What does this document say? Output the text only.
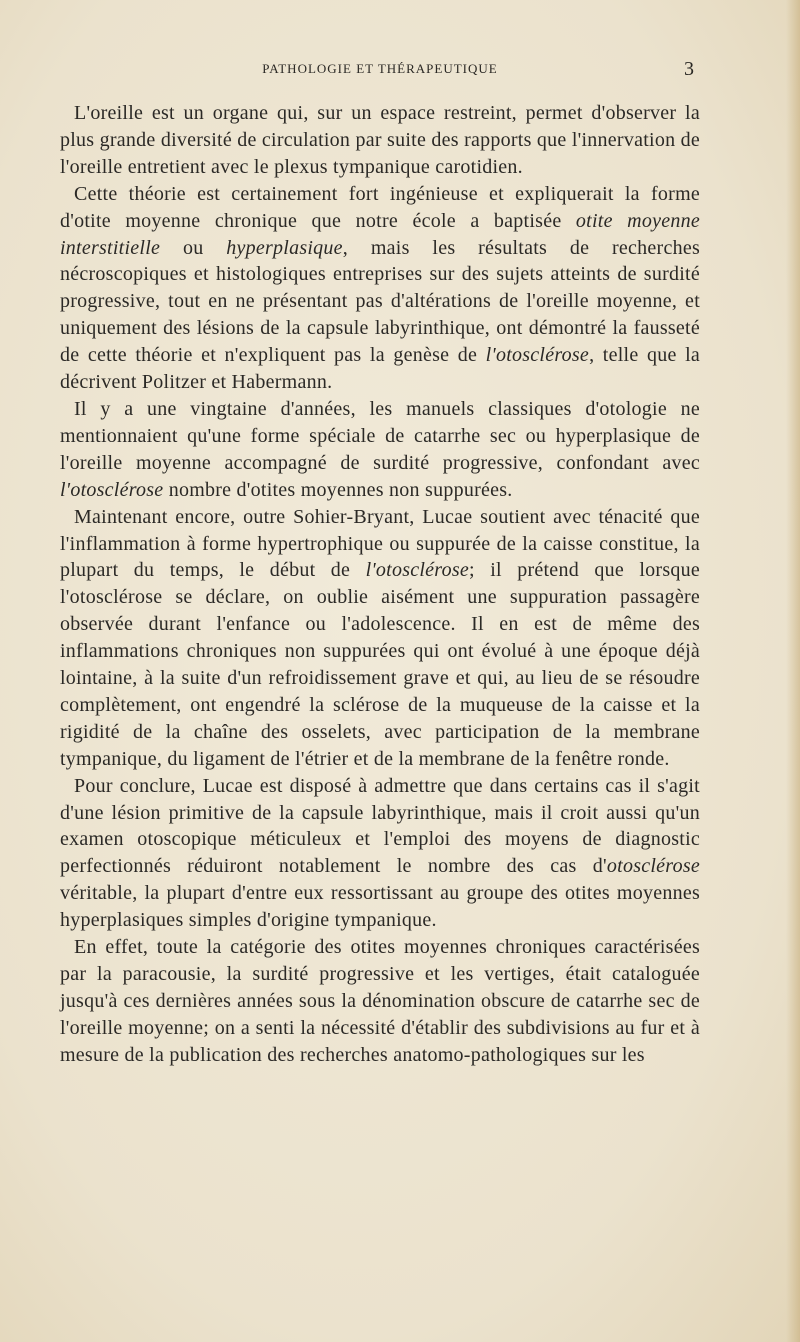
PATHOLOGIE ET THÉRAPEUTIQUE	3

L'oreille est un organe qui, sur un espace restreint, permet d'observer la plus grande diversité de circulation par suite des rapports que l'innervation de l'oreille entretient avec le plexus tympanique carotidien.

Cette théorie est certainement fort ingénieuse et expliquerait la forme d'otite moyenne chronique que notre école a baptisée otite moyenne interstitielle ou hyperplasique, mais les résultats de recherches nécroscopiques et histologiques entreprises sur des sujets atteints de surdité progressive, tout en ne présentant pas d'altérations de l'oreille moyenne, et uniquement des lésions de la capsule labyrinthique, ont démontré la fausseté de cette théorie et n'expliquent pas la genèse de l'otosclérose, telle que la décrivent Politzer et Habermann.

Il y a une vingtaine d'années, les manuels classiques d'otologie ne mentionnaient qu'une forme spéciale de catarrhe sec ou hyperplasique de l'oreille moyenne accompagné de surdité progressive, confondant avec l'otosclérose nombre d'otites moyennes non suppurées.

Maintenant encore, outre Sohier-Bryant, Lucae soutient avec ténacité que l'inflammation à forme hypertrophique ou suppurée de la caisse constitue, la plupart du temps, le début de l'otosclérose; il prétend que lorsque l'otosclérose se déclare, on oublie aisément une suppuration passagère observée durant l'enfance ou l'adolescence. Il en est de même des inflammations chroniques non suppurées qui ont évolué à une époque déjà lointaine, à la suite d'un refroidissement grave et qui, au lieu de se résoudre complètement, ont engendré la sclérose de la muqueuse de la caisse et la rigidité de la chaîne des osselets, avec participation de la membrane tympanique, du ligament de l'étrier et de la membrane de la fenêtre ronde.

Pour conclure, Lucae est disposé à admettre que dans certains cas il s'agit d'une lésion primitive de la capsule labyrinthique, mais il croit aussi qu'un examen otoscopique méticuleux et l'emploi des moyens de diagnostic perfectionnés réduiront notablement le nombre des cas d'otosclérose véritable, la plupart d'entre eux ressortissant au groupe des otites moyennes hyperplasiques simples d'origine tympanique.

En effet, toute la catégorie des otites moyennes chroniques caractérisées par la paracousie, la surdité progressive et les vertiges, était cataloguée jusqu'à ces dernières années sous la dénomination obscure de catarrhe sec de l'oreille moyenne; on a senti la nécessité d'établir des subdivisions au fur et à mesure de la publication des recherches anatomo-pathologiques sur les
